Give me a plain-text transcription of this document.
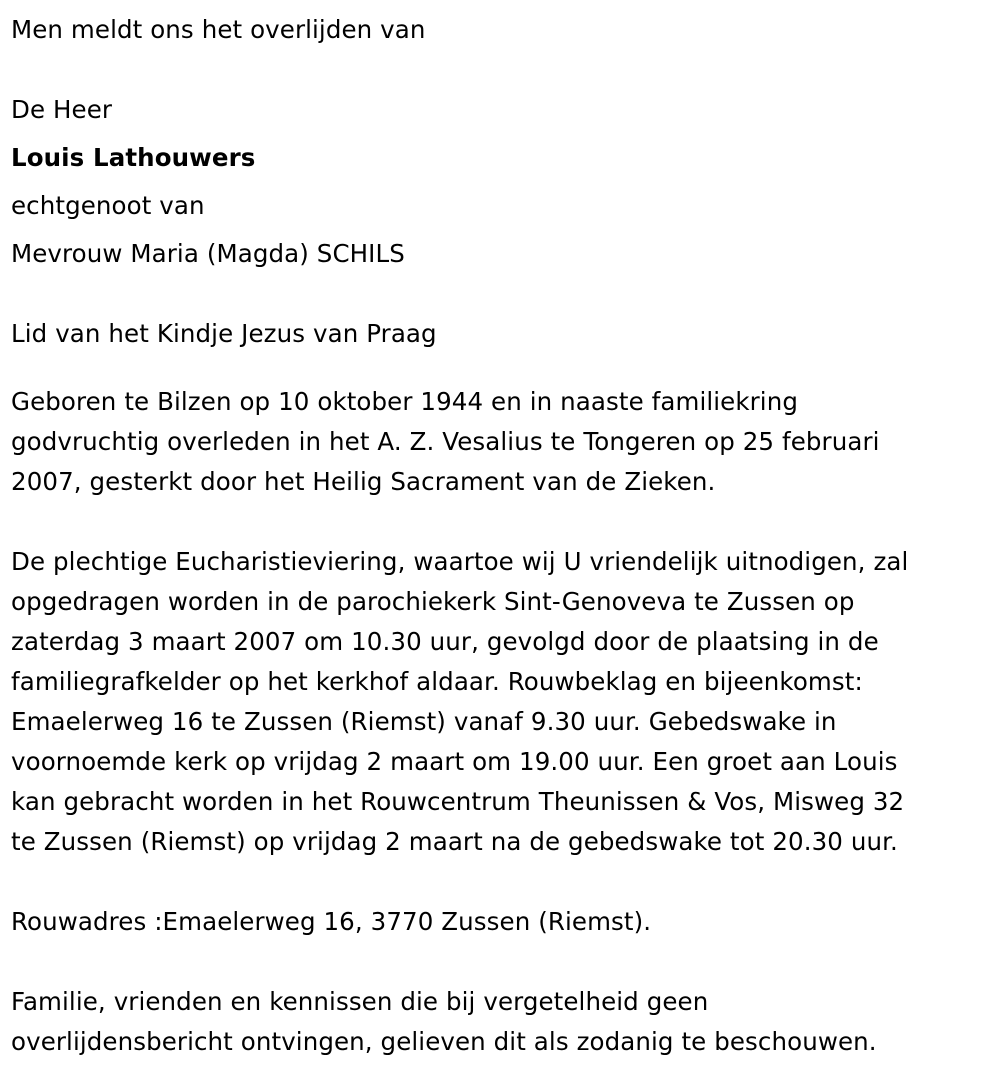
Men meldt ons het overlijden van

De Heer

Louis Lathouwers

echtgenoot van

Mevrouw Maria (Magda) SCHILS

Lid van het Kindje Jezus van Praag

Geboren te Bilzen op 10 oktober 1944 en in naaste familiekring
godvruchtig overleden in het A. Z. Vesalius te Tongeren op 25 februari
2007, gesterkt door het Heilig Sacrament van de Zieken.
De plechtige Eucharistieviering, waartoe wij U vriendelijk uitnodigen, zal
opgedragen worden in de parochiekerk Sint-Genoveva te Zussen op
zaterdag 3 maart 2007 om 10.30 uur, gevolgd door de plaatsing in de
familiegrafkelder op het kerkhof aldaar. Rouwbeklag en bijeenkomst:
Emaelerweg 16 te Zussen (Riemst) vanaf 9.30 uur. Gebedswake in
voornoemde kerk op vrijdag 2 maart om 19.00 uur. Een groet aan Louis
kan gebracht worden in het Rouwcentrum Theunissen & Vos, Misweg 32
te Zussen (Riemst) op vrijdag 2 maart na de gebedswake tot 20.30 uur.
Rouwadres :Emaelerweg 16, 3770 Zussen (Riemst).
Familie, vrienden en kennissen die bij vergetelheid geen
overlijdensbericht ontvingen, gelieven dit als zodanig te beschouwen.
